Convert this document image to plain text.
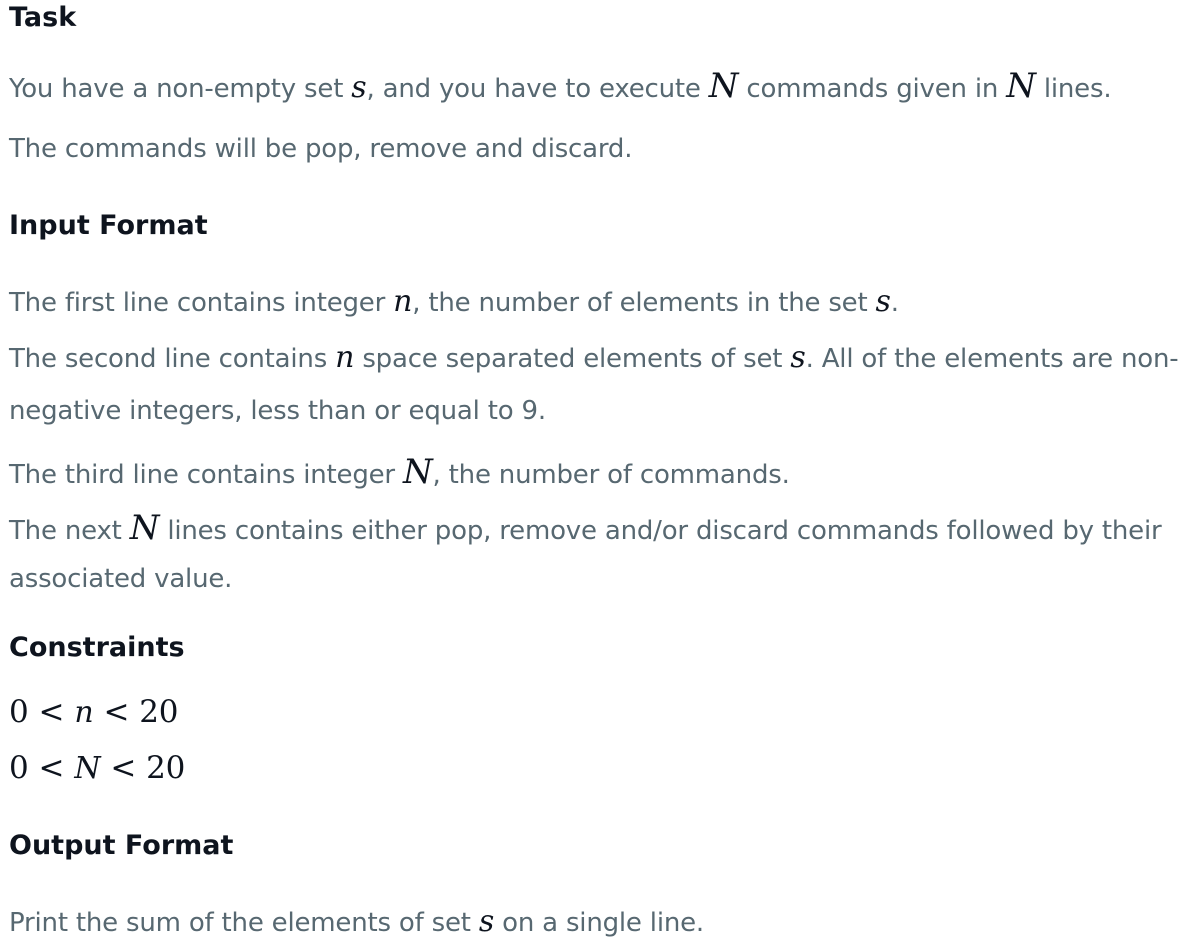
Task
You have a non-empty set s, and you have to execute N commands given in N lines.
The commands will be pop, remove and discard.
Input Format
The first line contains integer n, the number of elements in the set s.
The second line contains n space separated elements of set s. All of the elements are non-
negative integers, less than or equal to 9.
The third line contains integer N, the number of commands.
The next N lines contains either pop, remove and/or discard commands followed by their
associated value.
Constraints
0 < n < 20
0 < N < 20
Output Format
Print the sum of the elements of set s on a single line.
